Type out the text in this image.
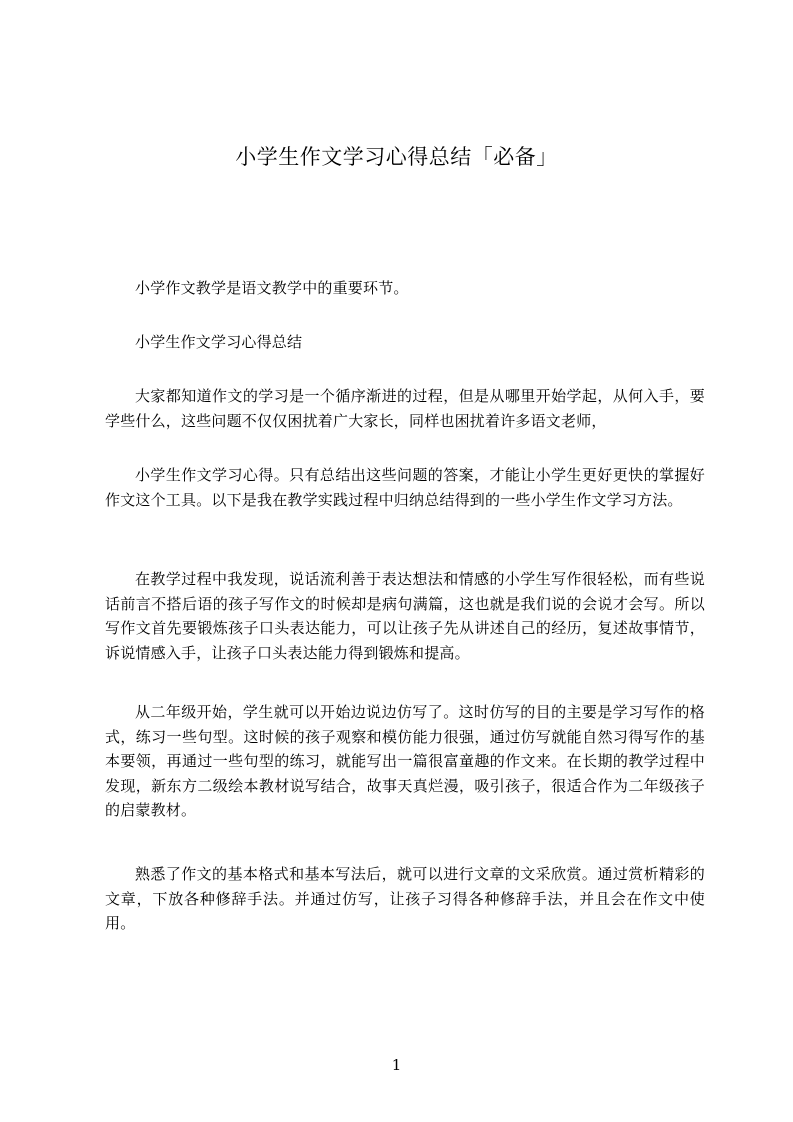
小学生作文学习心得总结「必备」

小学作文教学是语文教学中的重要环节。

小学生作文学习心得总结

大家都知道作文的学习是一个循序渐进的过程，但是从哪里开始学起，从何入手，要学些什么，这些问题不仅仅困扰着广大家长，同样也困扰着许多语文老师，

小学生作文学习心得。只有总结出这些问题的答案，才能让小学生更好更快的掌握好作文这个工具。以下是我在教学实践过程中归纳总结得到的一些小学生作文学习方法。

在教学过程中我发现，说话流利善于表达想法和情感的小学生写作很轻松，而有些说话前言不搭后语的孩子写作文的时候却是病句满篇，这也就是我们说的会说才会写。所以写作文首先要锻炼孩子口头表达能力，可以让孩子先从讲述自己的经历，复述故事情节，诉说情感入手，让孩子口头表达能力得到锻炼和提高。

从二年级开始，学生就可以开始边说边仿写了。这时仿写的目的主要是学习写作的格式，练习一些句型。这时候的孩子观察和模仿能力很强，通过仿写就能自然习得写作的基本要领，再通过一些句型的练习，就能写出一篇很富童趣的作文来。在长期的教学过程中发现，新东方二级绘本教材说写结合，故事天真烂漫，吸引孩子，很适合作为二年级孩子的启蒙教材。

熟悉了作文的基本格式和基本写法后，就可以进行文章的文采欣赏。通过赏析精彩的文章，下放各种修辞手法。并通过仿写，让孩子习得各种修辞手法，并且会在作文中使用。

1
